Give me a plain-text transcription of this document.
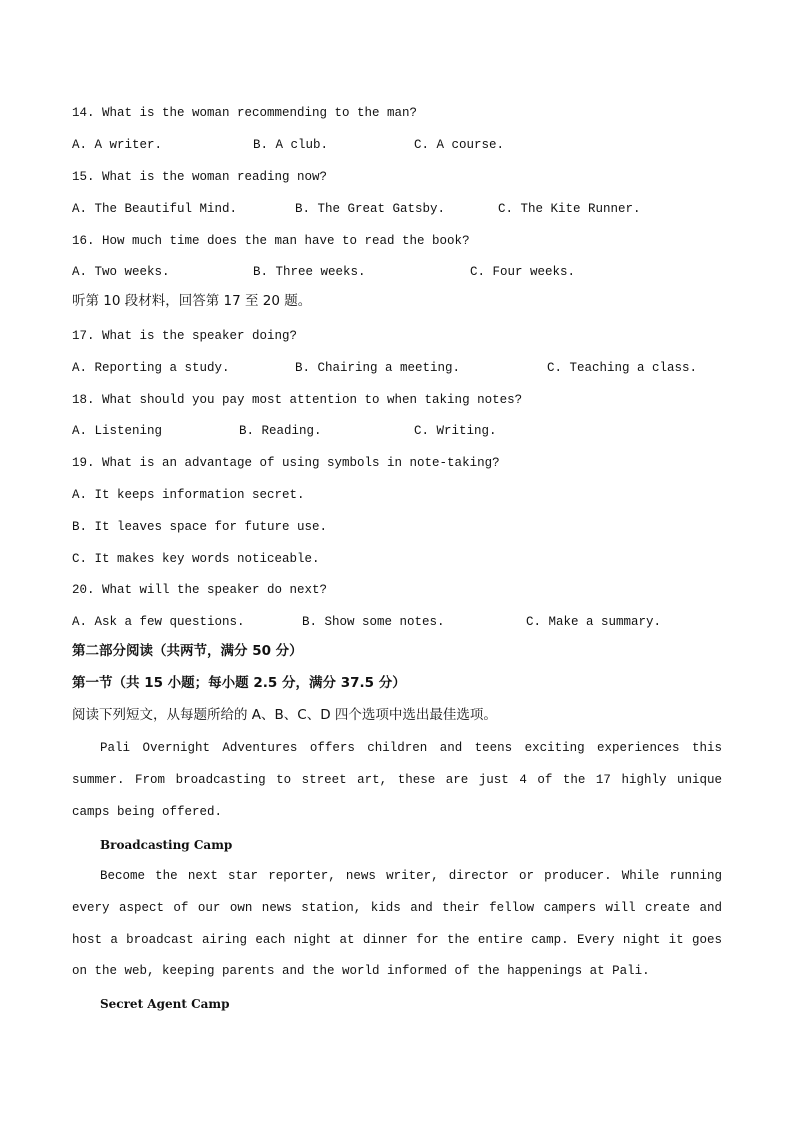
14. What is the woman recommending to the man?
A. A writer.	B. A club.	C. A course.
15. What is the woman reading now?
A. The Beautiful Mind.	B. The Great Gatsby.	C. The Kite Runner.
16. How much time does the man have to read the book?
A. Two weeks.	B. Three weeks.	C. Four weeks.
听第 10 段材料，回答第 17 至 20 题。
17. What is the speaker doing?
A. Reporting a study.	B. Chairing a meeting.	C. Teaching a class.
18. What should you pay most attention to when taking notes?
A. Listening	B. Reading.	C. Writing.
19. What is an advantage of using symbols in note-taking?
A. It keeps information secret.
B. It leaves space for future use.
C. It makes key words noticeable.
20. What will the speaker do next?
A. Ask a few questions.	B. Show some notes.	C. Make a summary.
第二部分阅读（共两节，满分 50 分）
第一节（共 15 小题；每小题 2.5 分，满分 37.5 分）
阅读下列短文，从每题所给的 A、B、C、D 四个选项中选出最佳选项。
Pali Overnight Adventures offers children and teens exciting experiences this summer. From broadcasting to street art, these are just 4 of the 17 highly unique camps being offered.
Broadcasting Camp
Become the next star reporter, news writer, director or producer. While running every aspect of our own news station, kids and their fellow campers will create and host a broadcast airing each night at dinner for the entire camp. Every night it goes on the web, keeping parents and the world informed of the happenings at Pali.
Secret Agent Camp
